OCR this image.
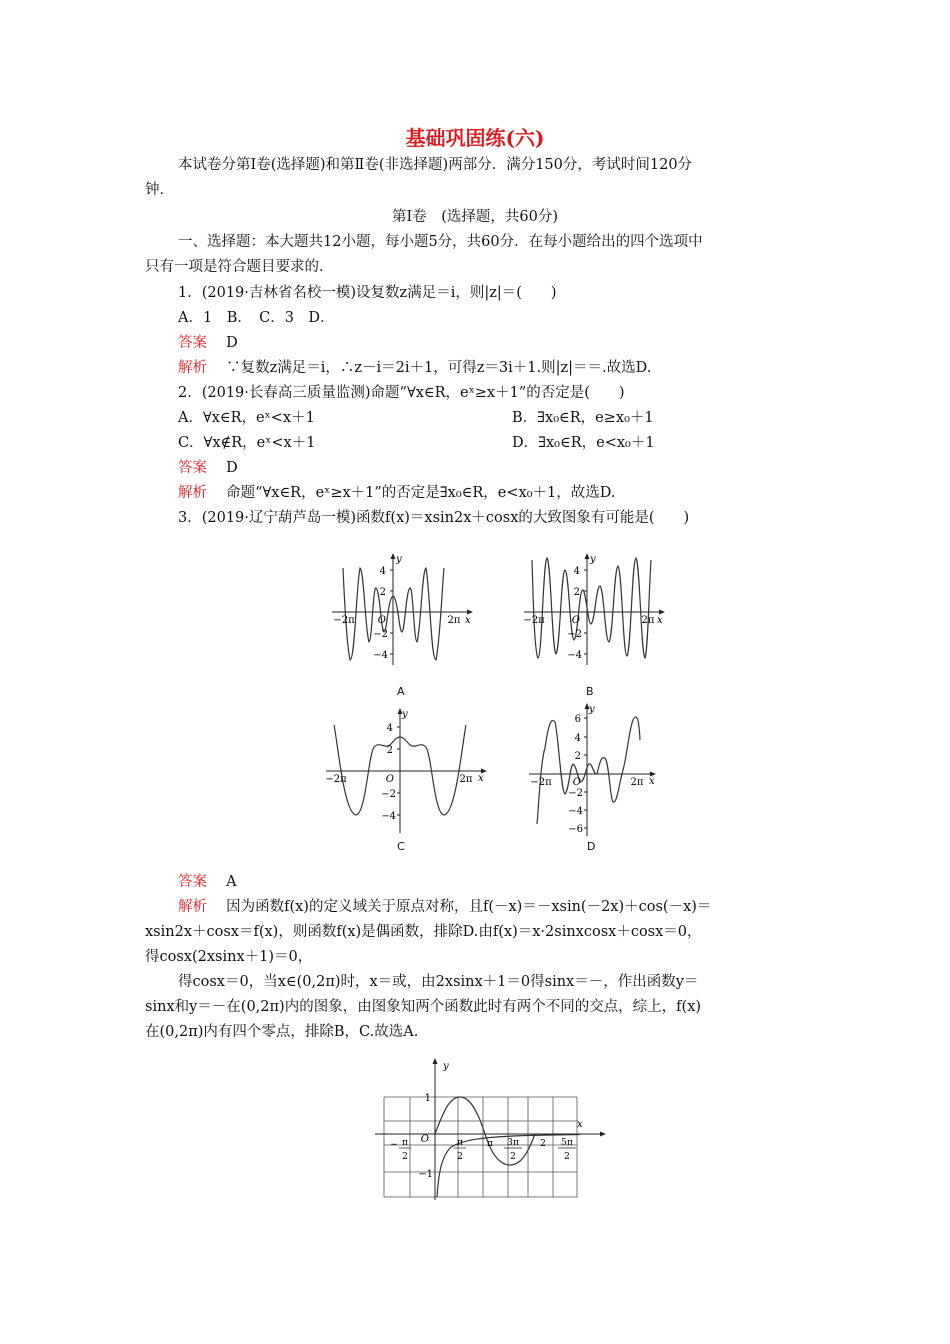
基础巩固练(六)
本试卷分第Ⅰ卷(选择题)和第Ⅱ卷(非选择题)两部分．满分150分，考试时间120分
钟．
第Ⅰ卷　(选择题，共60分)
一、选择题：本大题共12小题，每小题5分，共60分．在每小题给出的四个选项中
只有一项是符合题目要求的．
1．(2019·吉林省名校一模)设复数z满足＝i，则|z|＝(　　)
A．1　B．　C．3　D．
答案　 D
解析　 ∵复数z满足＝i，∴z－i＝2i＋1，可得z＝3i＋1.则|z|＝＝.故选D.
2．(2019·长春高三质量监测)命题“∀x∈R，eˣ≥x＋1”的否定是(　　)
A．∀x∈R，eˣ<x＋1	B．∃x₀∈R，e≥x₀＋1
C．∀x∉R，eˣ<x＋1	D．∃x₀∈R，e<x₀＋1
答案　 D
解析　 命题“∀x∈R，eˣ≥x＋1”的否定是∃x₀∈R，e<x₀＋1，故选D.
3．(2019·辽宁葫芦岛一模)函数f(x)＝xsin2x＋cosx的大致图象有可能是(　　)
y
x
4
2
−2
−4
O
−2π	2π
A
y
x
4
2
−2
−4
O
−2π	2π
B
y
x
4
2
−2
−4
O
−2π	2π
C
y
x
6
4
2
−2
−4
−6
O
−2π	2π
D
答案　 A
解析　 因为函数f(x)的定义域关于原点对称，且f(－x)＝－xsin(－2x)＋cos(－x)＝
xsin2x＋cosx＝f(x)，则函数f(x)是偶函数，排除D.由f(x)＝x·2sinxcosx＋cosx＝0，
得cosx(2xsinx＋1)＝0，
得cosx＝0，当x∈(0,2π)时，x＝或，由2xsinx＋1＝0得sinx＝－，作出函数y＝
sinx和y＝－在(0,2π)内的图象，由图象知两个函数此时有两个不同的交点，综上，f(x)
在(0,2π)内有四个零点，排除B，C.故选A.
y
x
O
1
−1
− π
2
π
2
π 3π
2
2 5π
2
